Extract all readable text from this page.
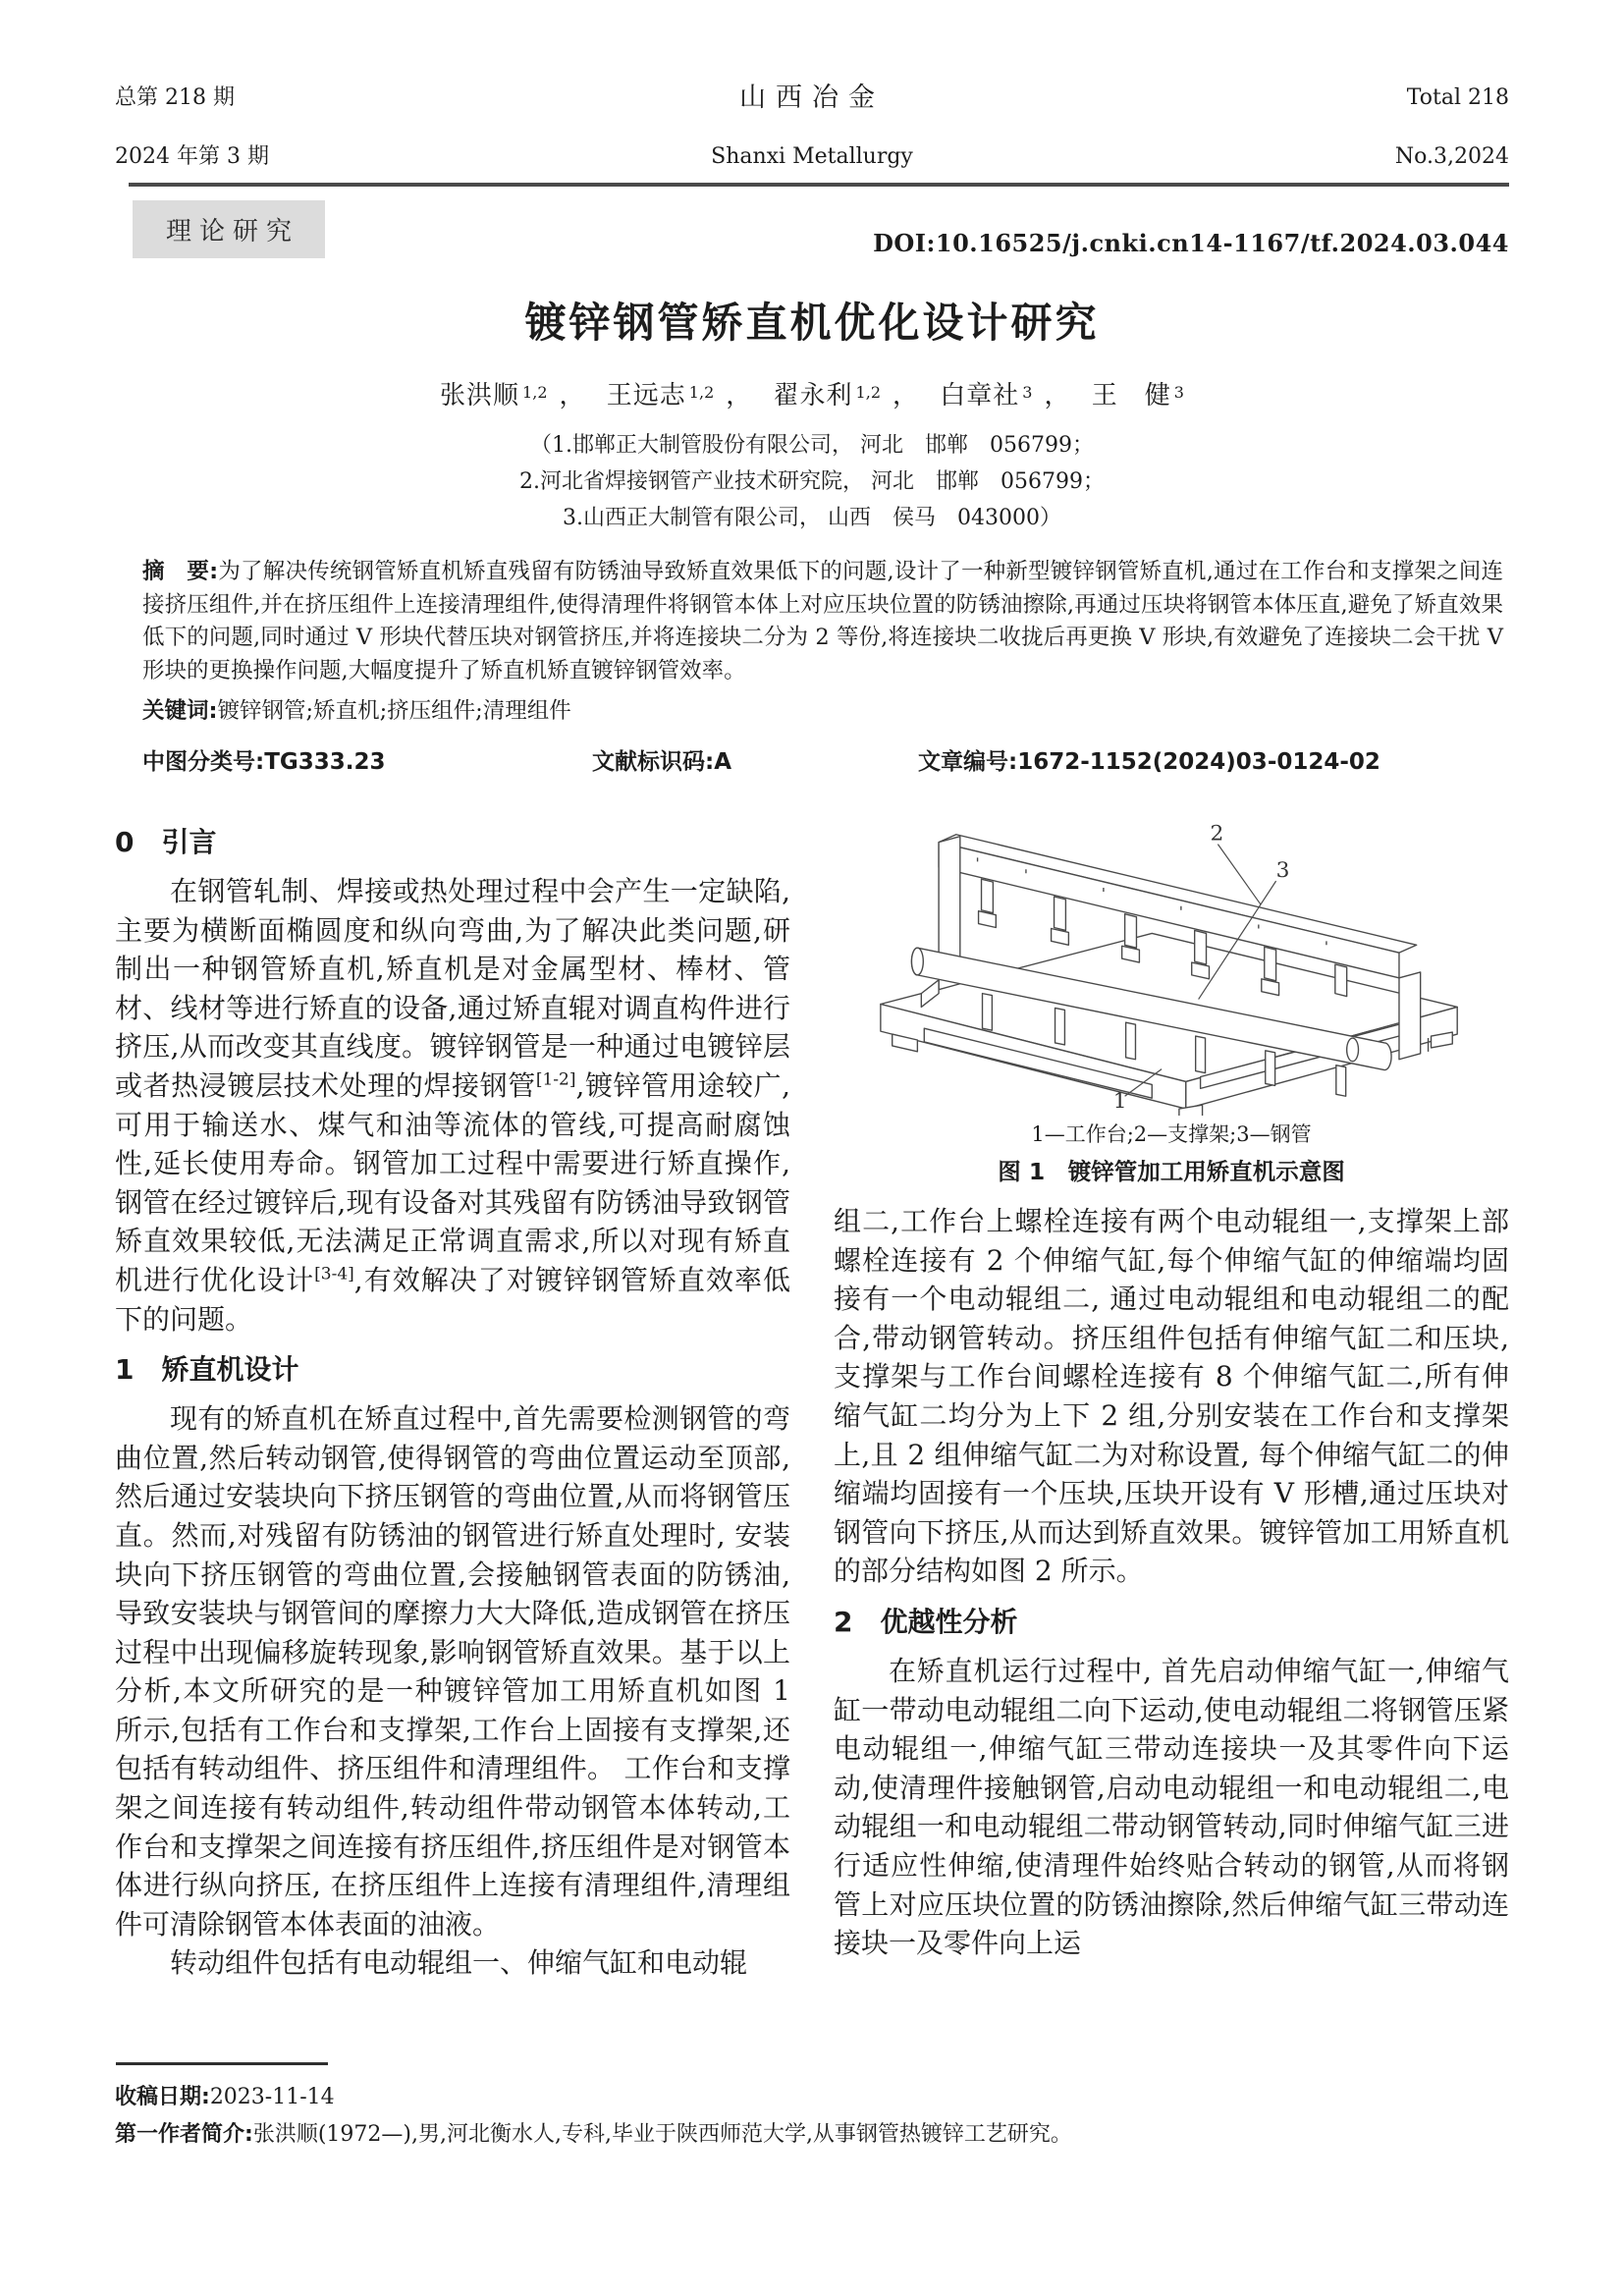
总第 218 期
2024 年第 3 期
山西冶金
Shanxi Metallurgy
Total 218
No.3,2024
理论研究	DOI:10.16525/j.cnki.cn14-1167/tf.2024.03.044
镀锌钢管矫直机优化设计研究
张洪顺 $^{1,2}$ ， 王远志 $^{1,2}$ ， 翟永利 $^{1,2}$ ， 白章社 $^3$ ， 王　健 $^3$
（1.邯郸正大制管股份有限公司， 河北　邯郸　056799；
2.河北省焊接钢管产业技术研究院， 河北　邯郸　056799；
3.山西正大制管有限公司， 山西　侯马　043000）
摘　要:为了解决传统钢管矫直机矫直残留有防锈油导致矫直效果低下的问题,设计了一种新型镀锌钢管矫直机,通过在工作台和支撑架之间连接挤压组件,并在挤压组件上连接清理组件,使得清理件将钢管本体上对应压块位置的防锈油擦除,再通过压块将钢管本体压直,避免了矫直效果低下的问题,同时通过 V 形块代替压块对钢管挤压,并将连接块二分为 2 等份,将连接块二收拢后再更换 V 形块,有效避免了连接块二会干扰 V 形块的更换操作问题,大幅度提升了矫直机矫直镀锌钢管效率。
关键词:镀锌钢管;矫直机;挤压组件;清理组件
中图分类号:TG333.23	文献标识码:A	文章编号:1672-1152(2024)03-0124-02
0　引言

在钢管轧制、焊接或热处理过程中会产生一定缺陷,主要为横断面椭圆度和纵向弯曲,为了解决此类问题,研制出一种钢管矫直机,矫直机是对金属型材、棒材、管材、线材等进行矫直的设备,通过矫直辊对调直构件进行挤压,从而改变其直线度。镀锌钢管是一种通过电镀锌层或者热浸镀层技术处理的焊接钢管[1-2],镀锌管用途较广,可用于输送水、煤气和油等流体的管线,可提高耐腐蚀性,延长使用寿命。钢管加工过程中需要进行矫直操作,钢管在经过镀锌后,现有设备对其残留有防锈油导致钢管矫直效果较低,无法满足正常调直需求,所以对现有矫直机进行优化设计[3-4],有效解决了对镀锌钢管矫直效率低下的问题。

1　矫直机设计

现有的矫直机在矫直过程中,首先需要检测钢管的弯曲位置,然后转动钢管,使得钢管的弯曲位置运动至顶部, 然后通过安装块向下挤压钢管的弯曲位置,从而将钢管压直。然而,对残留有防锈油的钢管进行矫直处理时, 安装块向下挤压钢管的弯曲位置,会接触钢管表面的防锈油,导致安装块与钢管间的摩擦力大大降低,造成钢管在挤压过程中出现偏移旋转现象,影响钢管矫直效果。基于以上分析,本文所研究的是一种镀锌管加工用矫直机如图 1 所示,包括有工作台和支撑架,工作台上固接有支撑架,还包括有转动组件、挤压组件和清理组件。 工作台和支撑架之间连接有转动组件,转动组件带动钢管本体转动,工作台和支撑架之间连接有挤压组件,挤压组件是对钢管本体进行纵向挤压, 在挤压组件上连接有清理组件,清理组件可清除钢管本体表面的油液。

转动组件包括有电动辊组一、伸缩气缸和电动辊

2
3
1
1—工作台;2—支撑架;3—钢管
图 1　镀锌管加工用矫直机示意图

组二,工作台上螺栓连接有两个电动辊组一,支撑架上部螺栓连接有 2 个伸缩气缸,每个伸缩气缸的伸缩端均固接有一个电动辊组二, 通过电动辊组和电动辊组二的配合,带动钢管转动。挤压组件包括有伸缩气缸二和压块, 支撑架与工作台间螺栓连接有 8 个伸缩气缸二,所有伸缩气缸二均分为上下 2 组,分别安装在工作台和支撑架上,且 2 组伸缩气缸二为对称设置, 每个伸缩气缸二的伸缩端均固接有一个压块,压块开设有 V 形槽,通过压块对钢管向下挤压,从而达到矫直效果。镀锌管加工用矫直机的部分结构如图 2 所示。

2　优越性分析

在矫直机运行过程中, 首先启动伸缩气缸一,伸缩气缸一带动电动辊组二向下运动,使电动辊组二将钢管压紧电动辊组一,伸缩气缸三带动连接块一及其零件向下运动,使清理件接触钢管,启动电动辊组一和电动辊组二,电动辊组一和电动辊组二带动钢管转动,同时伸缩气缸三进行适应性伸缩,使清理件始终贴合转动的钢管,从而将钢管上对应压块位置的防锈油擦除,然后伸缩气缸三带动连接块一及零件向上运

收稿日期:2023-11-14
第一作者简介:张洪顺(1972—),男,河北衡水人,专科,毕业于陕西师范大学,从事钢管热镀锌工艺研究。
